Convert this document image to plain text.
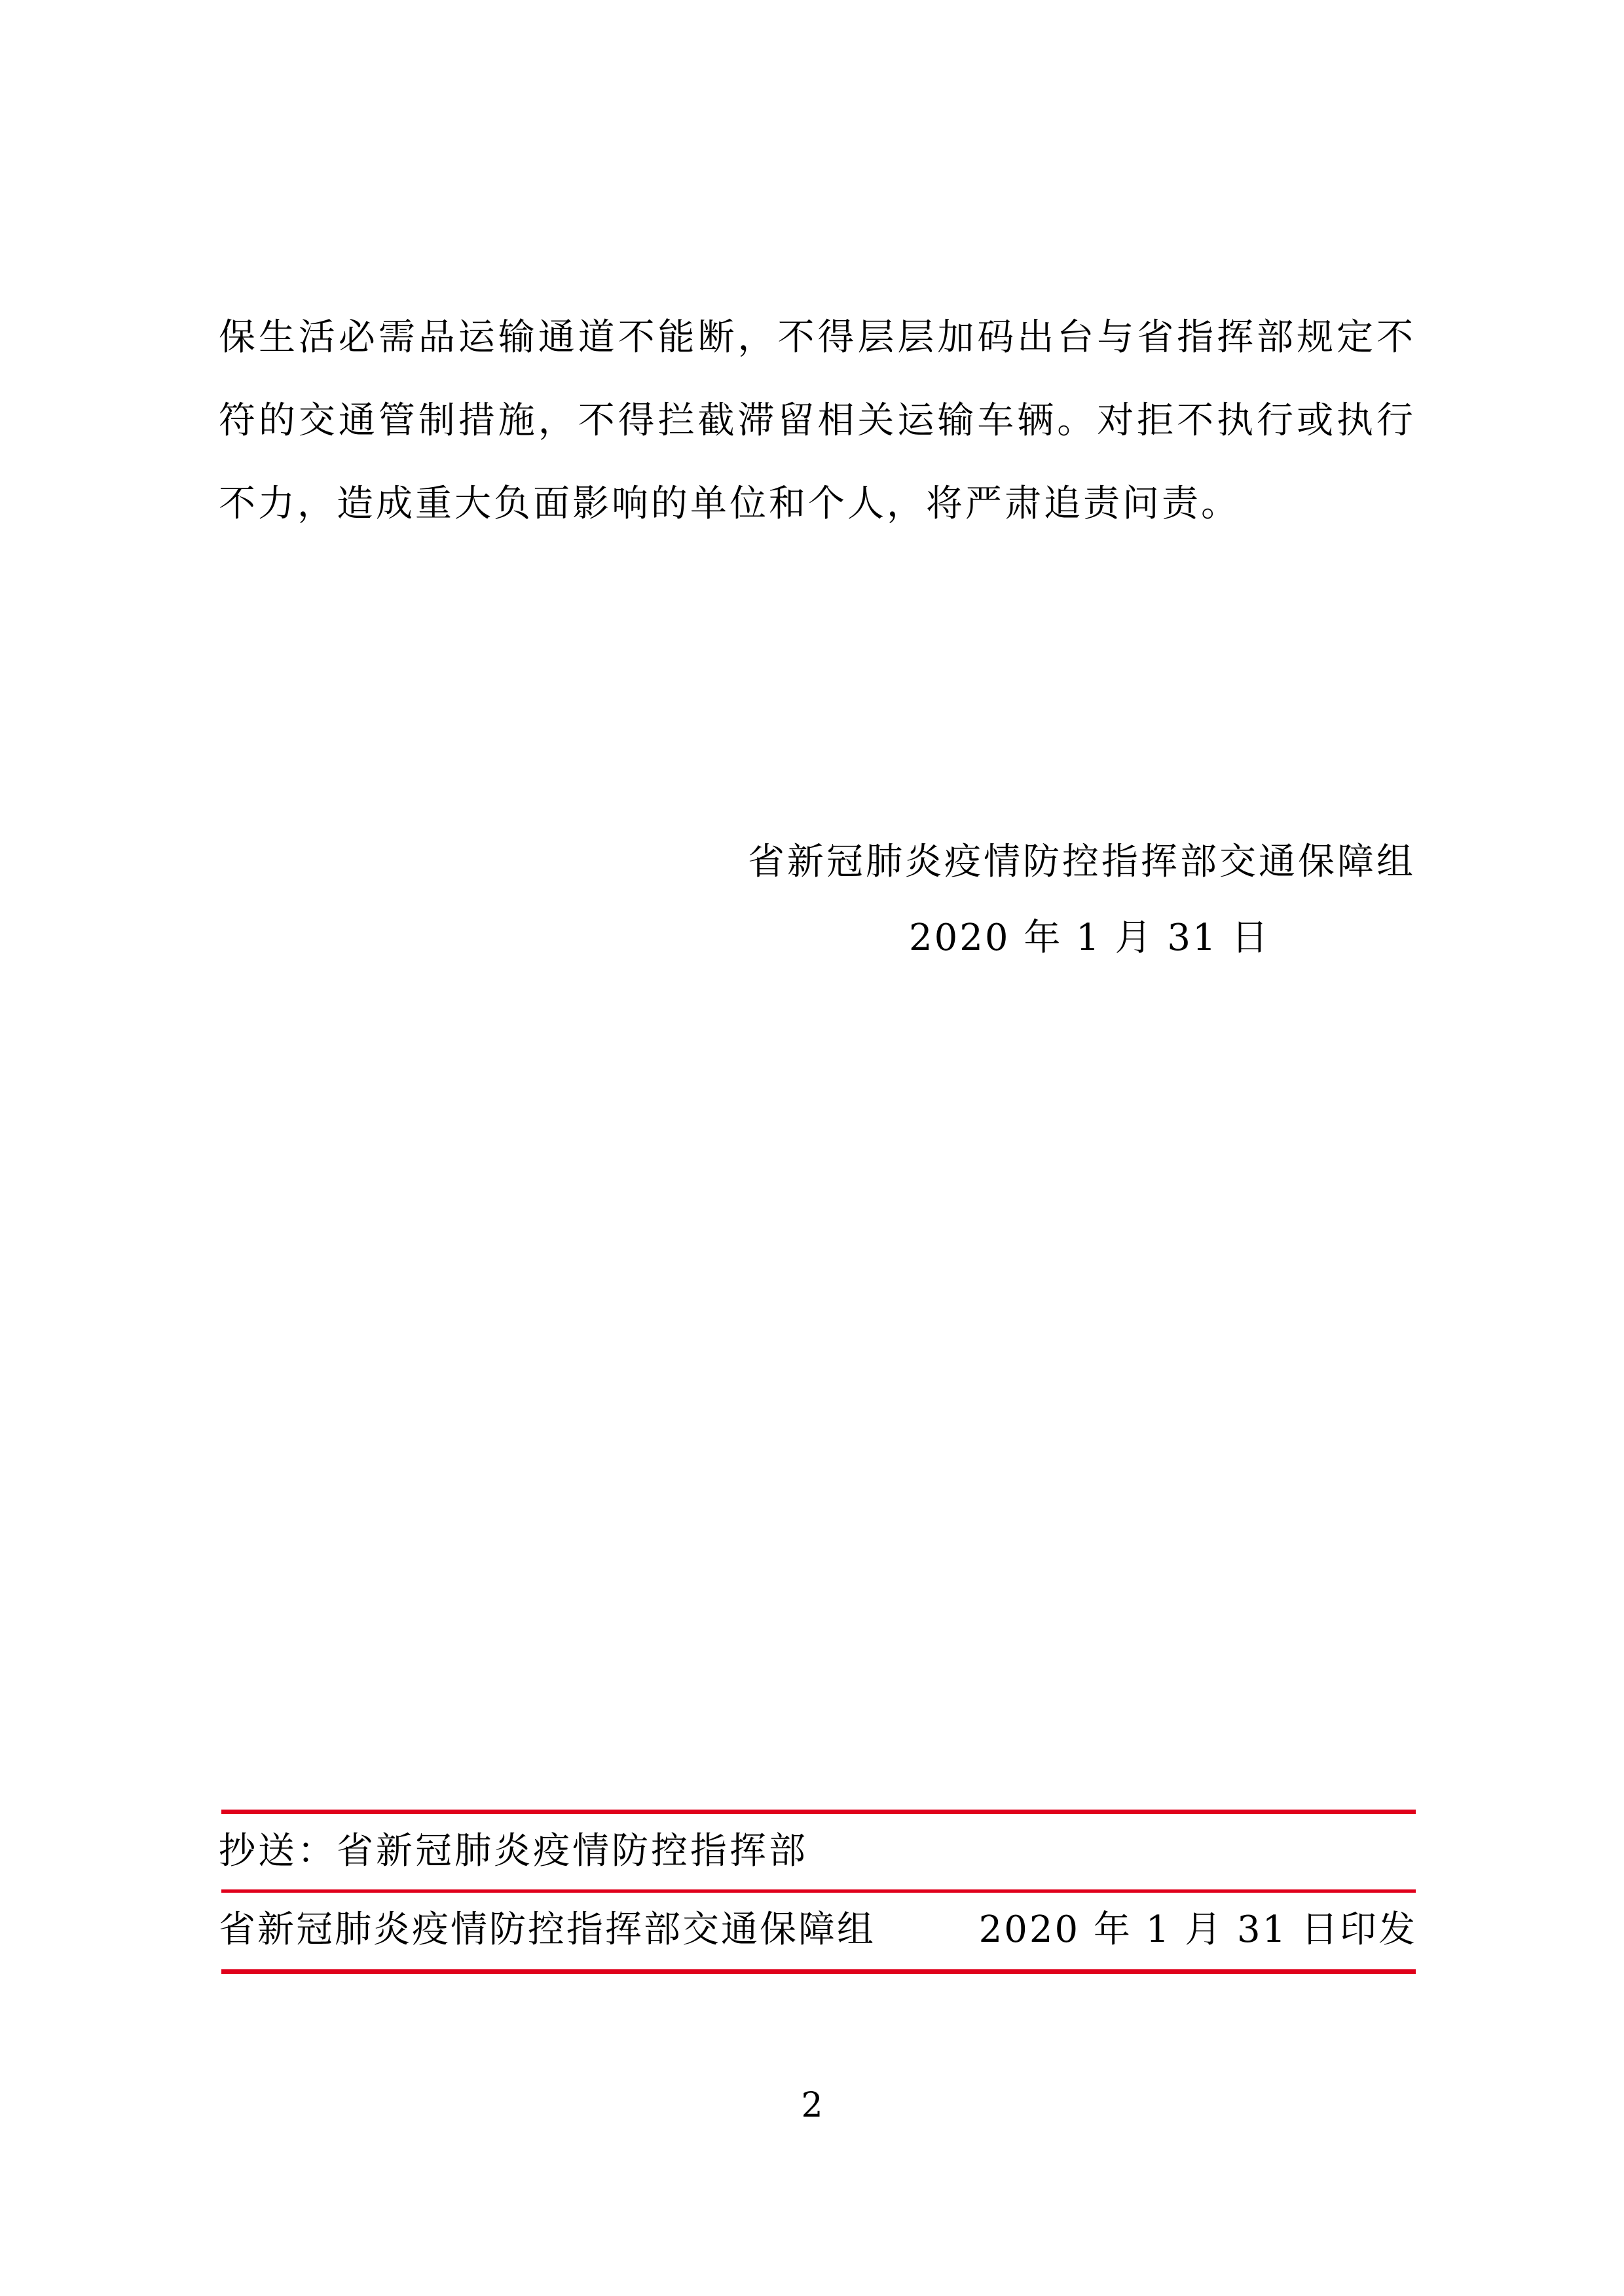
保生活必需品运输通道不能断，不得层层加码出台与省指挥部规定不符的交通管制措施，不得拦截滞留相关运输车辆。对拒不执行或执行不力，造成重大负面影响的单位和个人，将严肃追责问责。

省新冠肺炎疫情防控指挥部交通保障组
2020 年 1 月 31 日
抄送：省新冠肺炎疫情防控指挥部
省新冠肺炎疫情防控指挥部交通保障组	2020 年 1 月 31 日印发
2
